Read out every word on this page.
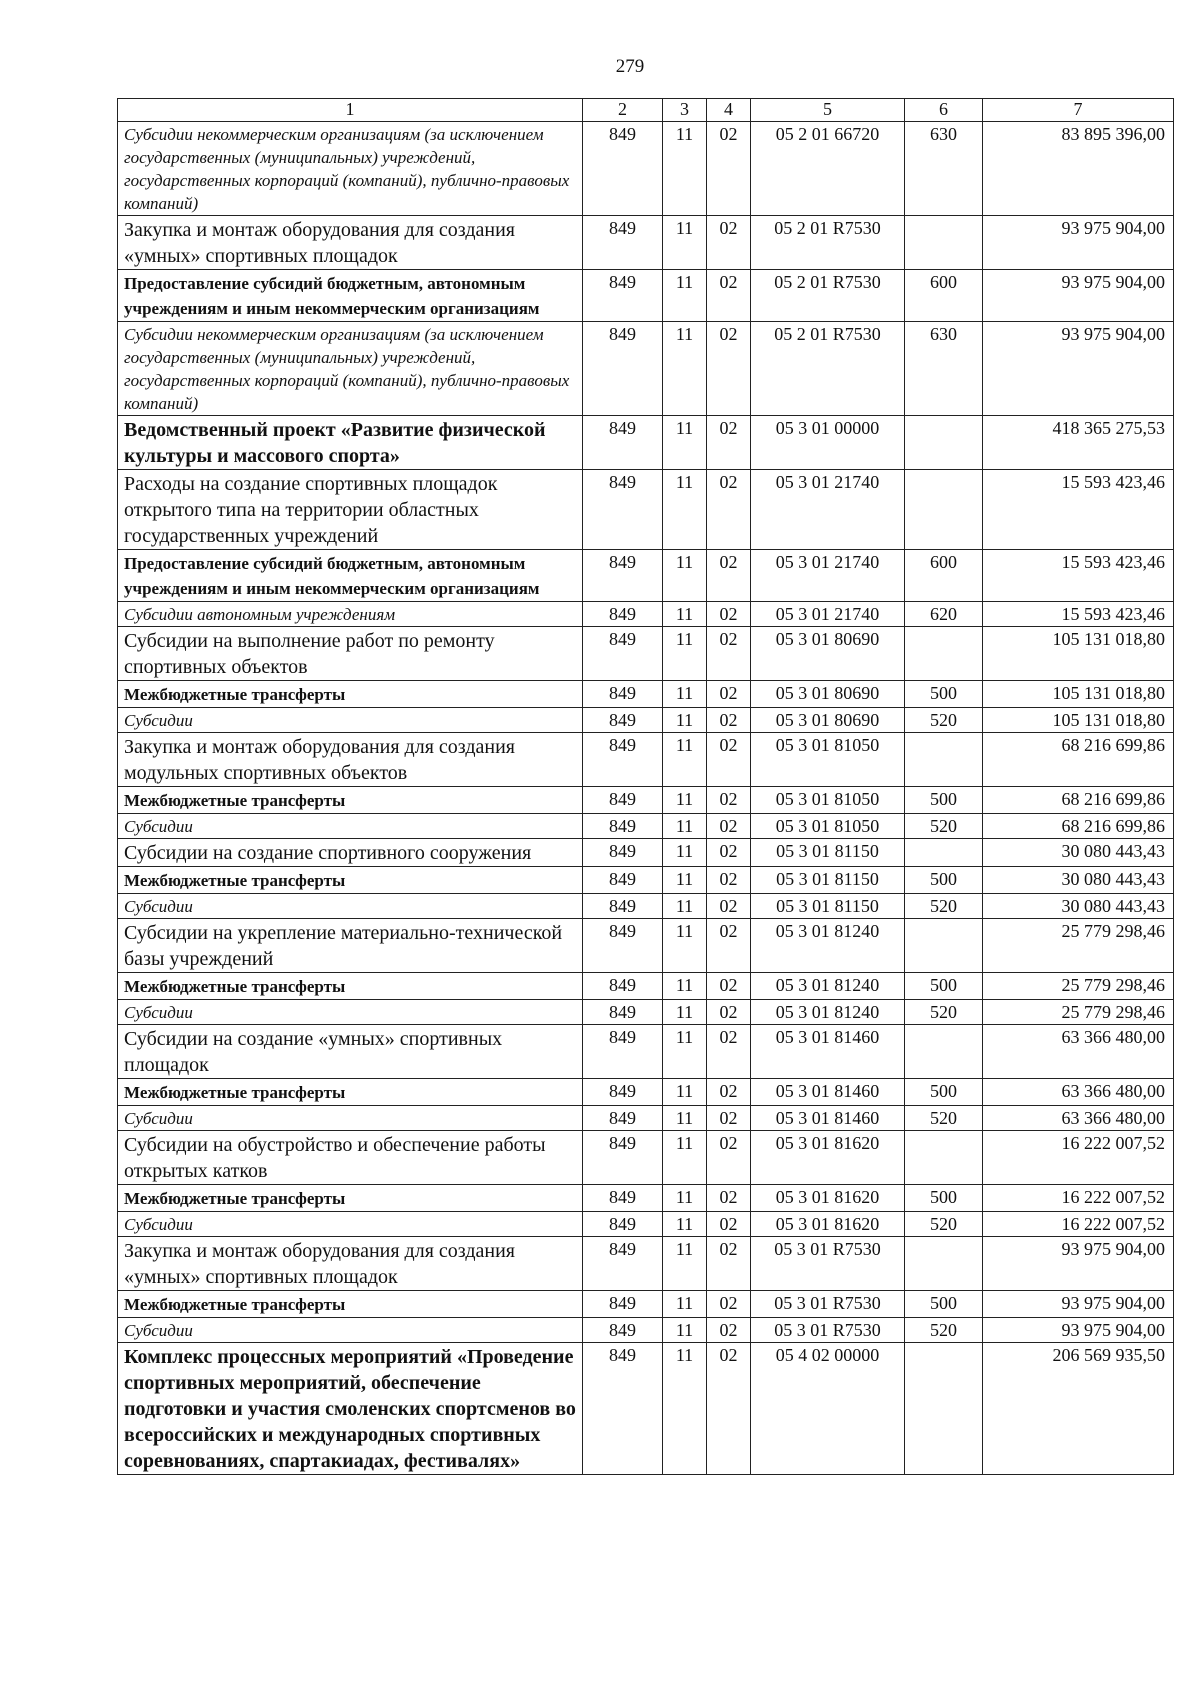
279
1	2	3	4	5	6	7
Субсидии некоммерческим организациям (за исключением государственных (муниципальных) учреждений, государственных корпораций (компаний), публично-правовых компаний)	849	11	02	05 2 01 66720	630	83 895 396,00
Закупка и монтаж оборудования для создания «умных» спортивных площадок	849	11	02	05 2 01 R7530		93 975 904,00
Предоставление субсидий бюджетным, автономным учреждениям и иным некоммерческим организациям	849	11	02	05 2 01 R7530	600	93 975 904,00
Субсидии некоммерческим организациям (за исключением государственных (муниципальных) учреждений, государственных корпораций (компаний), публично-правовых компаний)	849	11	02	05 2 01 R7530	630	93 975 904,00
Ведомственный проект «Развитие физической культуры и массового спорта»	849	11	02	05 3 01 00000		418 365 275,53
Расходы на создание спортивных площадок открытого типа на территории областных государственных учреждений	849	11	02	05 3 01 21740		15 593 423,46
Предоставление субсидий бюджетным, автономным учреждениям и иным некоммерческим организациям	849	11	02	05 3 01 21740	600	15 593 423,46
Субсидии автономным учреждениям	849	11	02	05 3 01 21740	620	15 593 423,46
Субсидии на выполнение работ по ремонту спортивных объектов	849	11	02	05 3 01 80690		105 131 018,80
Межбюджетные трансферты	849	11	02	05 3 01 80690	500	105 131 018,80
Субсидии	849	11	02	05 3 01 80690	520	105 131 018,80
Закупка и монтаж оборудования для создания модульных спортивных объектов	849	11	02	05 3 01 81050		68 216 699,86
Межбюджетные трансферты	849	11	02	05 3 01 81050	500	68 216 699,86
Субсидии	849	11	02	05 3 01 81050	520	68 216 699,86
Субсидии на создание спортивного сооружения	849	11	02	05 3 01 81150		30 080 443,43
Межбюджетные трансферты	849	11	02	05 3 01 81150	500	30 080 443,43
Субсидии	849	11	02	05 3 01 81150	520	30 080 443,43
Субсидии на укрепление материально-технической базы учреждений	849	11	02	05 3 01 81240		25 779 298,46
Межбюджетные трансферты	849	11	02	05 3 01 81240	500	25 779 298,46
Субсидии	849	11	02	05 3 01 81240	520	25 779 298,46
Субсидии на создание «умных» спортивных площадок	849	11	02	05 3 01 81460		63 366 480,00
Межбюджетные трансферты	849	11	02	05 3 01 81460	500	63 366 480,00
Субсидии	849	11	02	05 3 01 81460	520	63 366 480,00
Субсидии на обустройство и обеспечение работы открытых катков	849	11	02	05 3 01 81620		16 222 007,52
Межбюджетные трансферты	849	11	02	05 3 01 81620	500	16 222 007,52
Субсидии	849	11	02	05 3 01 81620	520	16 222 007,52
Закупка и монтаж оборудования для создания «умных» спортивных площадок	849	11	02	05 3 01 R7530		93 975 904,00
Межбюджетные трансферты	849	11	02	05 3 01 R7530	500	93 975 904,00
Субсидии	849	11	02	05 3 01 R7530	520	93 975 904,00
Комплекс процессных мероприятий «Проведение спортивных мероприятий, обеспечение подготовки и участия смоленских спортсменов во всероссийских и международных спортивных соревнованиях, спартакиадах, фестивалях»	849	11	02	05 4 02 00000		206 569 935,50
